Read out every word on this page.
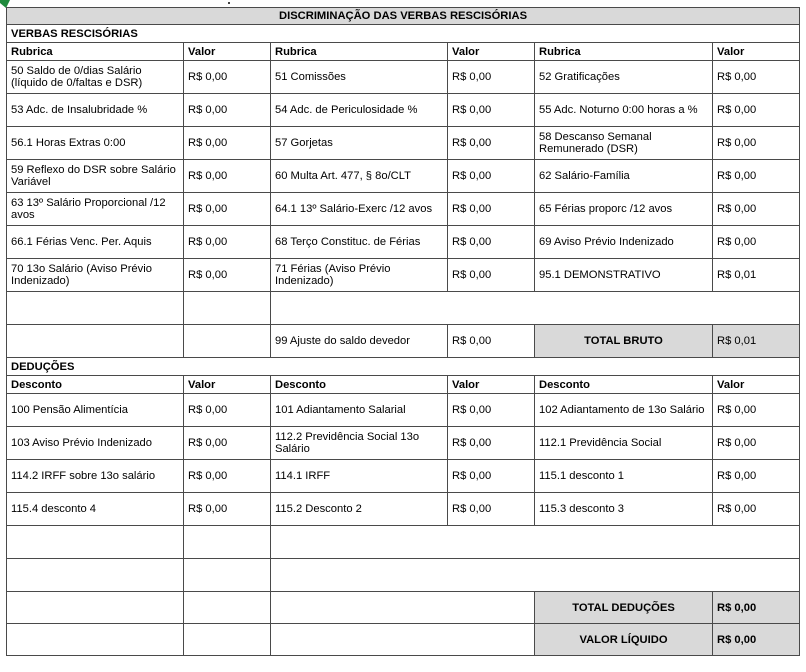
DISCRIMINAÇÃO DAS VERBAS RESCISÓRIAS					
VERBAS RESCISÓRIAS					
Rubrica	Valor	Rubrica	Valor	Rubrica	Valor
50 Saldo de 0/dias Salário (líquido de 0/faltas e DSR)	R$ 0,00	51 Comissões	R$ 0,00	52 Gratificações	R$ 0,00
53 Adc. de Insalubridade %	R$ 0,00	54 Adc. de Periculosidade %	R$ 0,00	55 Adc. Noturno 0:00 horas a %	R$ 0,00
56.1 Horas Extras 0:00	R$ 0,00	57 Gorjetas	R$ 0,00	58 Descanso Semanal Remunerado (DSR)	R$ 0,00
59 Reflexo do DSR sobre Salário Variável	R$ 0,00	60 Multa Art. 477, § 8o/CLT	R$ 0,00	62 Salário-Família	R$ 0,00
63 13º Salário Proporcional /12 avos	R$ 0,00	64.1 13º Salário-Exerc /12 avos	R$ 0,00	65 Férias proporc /12 avos	R$ 0,00
66.1 Férias Venc. Per. Aquis	R$ 0,00	68 Terço Constituc. de Férias	R$ 0,00	69 Aviso Prévio Indenizado	R$ 0,00
70 13o Salário (Aviso Prévio Indenizado)	R$ 0,00	71 Férias (Aviso Prévio Indenizado)	R$ 0,00	95.1 DEMONSTRATIVO	R$ 0,01

		99 Ajuste do saldo devedor	R$ 0,00	TOTAL BRUTO	R$ 0,01
DEDUÇÕES					
Desconto	Valor	Desconto	Valor	Desconto	Valor
100 Pensão Alimentícia	R$ 0,00	101 Adiantamento Salarial	R$ 0,00	102 Adiantamento de 13o Salário	R$ 0,00
103 Aviso Prévio Indenizado	R$ 0,00	112.2 Previdência Social 13o Salário	R$ 0,00	112.1 Previdência Social	R$ 0,00
114.2 IRFF sobre 13o salário	R$ 0,00	114.1 IRFF	R$ 0,00	115.1 desconto 1	R$ 0,00
115.4 desconto 4	R$ 0,00	115.2 Desconto 2	R$ 0,00	115.3 desconto 3	R$ 0,00

				TOTAL DEDUÇÕES	R$ 0,00
				VALOR LÍQUIDO	R$ 0,00
